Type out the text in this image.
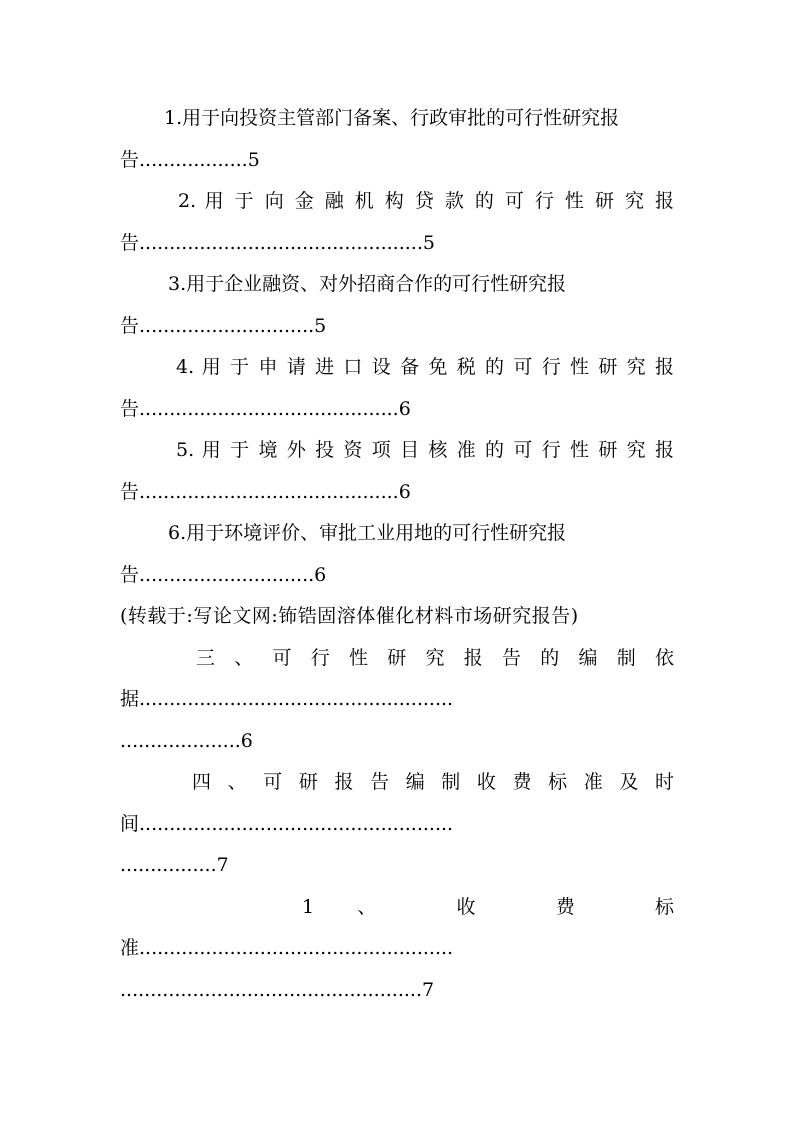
1.用于向投资主管部门备案、行政审批的可行性研究报
告..................5
2. 用 于 向 金 融 机 构 贷 款 的 可 行 性 研 究 报
告...............................................5
3.用于企业融资、对外招商合作的可行性研究报
告.............................5
4. 用 于 申 请 进 口 设 备 免 税 的 可 行 性 研 究 报
告...........................................6
5. 用 于 境 外 投 资 项 目 核 准 的 可 行 性 研 究 报
告...........................................6
6.用于环境评价、审批工业用地的可行性研究报
告.............................6
(转载于:写论文网:钸锆固溶体催化材料市场研究报告)
三 、 可 行 性 研 究 报 告 的 编 制 依
据....................................................
....................6
四 、 可 研 报 告 编 制 收 费 标 准 及 时
间....................................................
................7
1 、 收 费 标
准....................................................
..................................................7
